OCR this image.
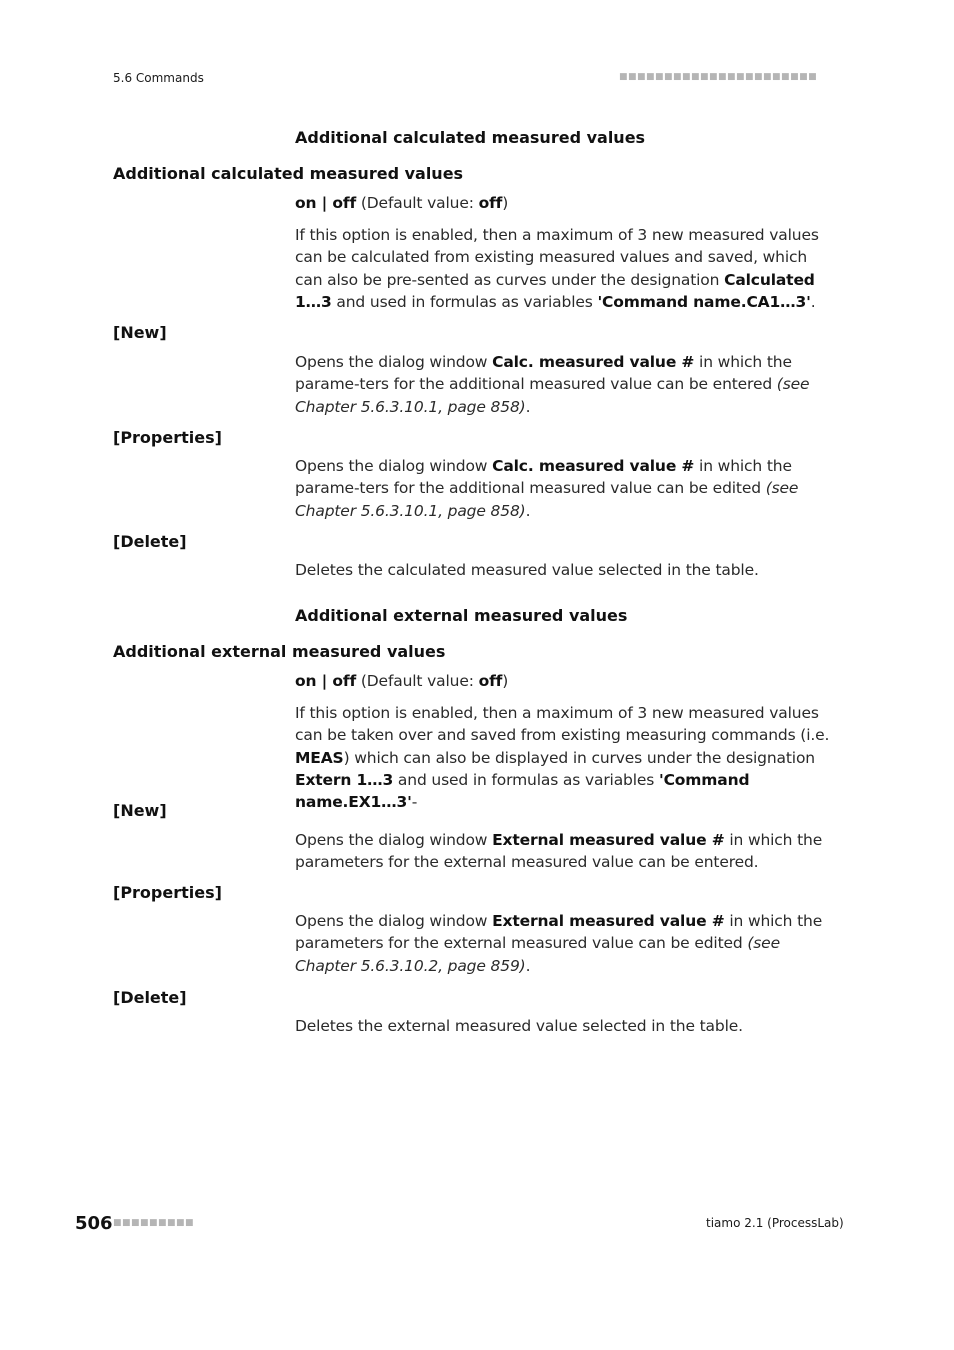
5.6 Commands	■■■■■■■■■■■■■■■■■■■■■■
Additional calculated measured values
Additional calculated measured values
on | off (Default value: off)
If this option is enabled, then a maximum of 3 new measured values can be calculated from existing measured values and saved, which can also be pre-sented as curves under the designation Calculated 1…3 and used in formulas as variables 'Command name.CA1…3'.
[New]
Opens the dialog window Calc. measured value # in which the parame-ters for the additional measured value can be entered (see Chapter 5.6.3.10.1, page 858).
[Properties]
Opens the dialog window Calc. measured value # in which the parame-ters for the additional measured value can be edited (see Chapter 5.6.3.10.1, page 858).
[Delete]
Deletes the calculated measured value selected in the table.
Additional external measured values
Additional external measured values
on | off (Default value: off)
If this option is enabled, then a maximum of 3 new measured values can be taken over and saved from existing measuring commands (i.e. MEAS) which can also be displayed in curves under the designation Extern 1…3 and used in formulas as variables 'Command name.EX1…3'-
[New]
Opens the dialog window External measured value # in which the parameters for the external measured value can be entered.
[Properties]
Opens the dialog window External measured value # in which the parameters for the external measured value can be edited (see Chapter 5.6.3.10.2, page 859).
[Delete]
Deletes the external measured value selected in the table.
506 ■■■■■■■■■	tiamo 2.1 (ProcessLab)
